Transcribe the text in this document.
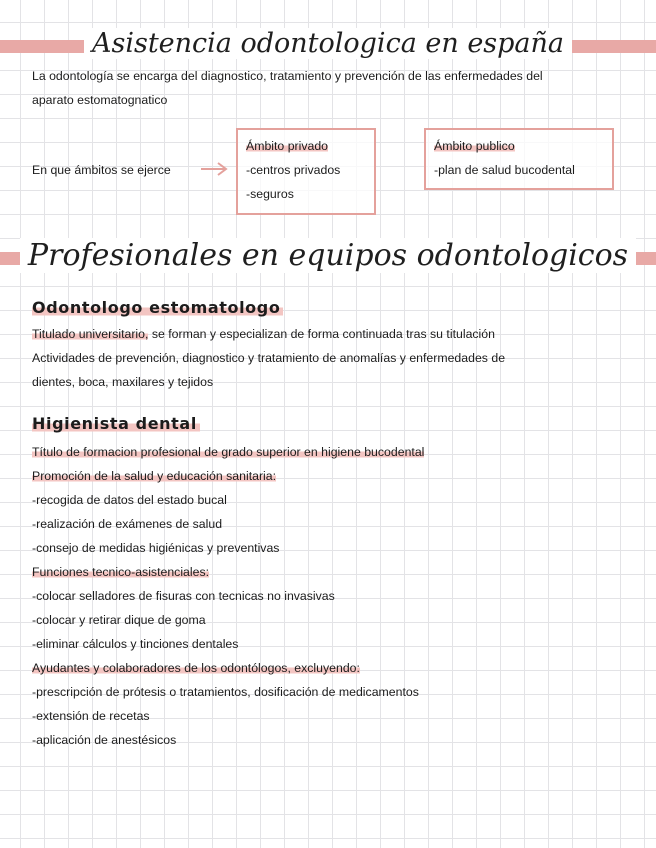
Asistencia odontologica en españa
La odontología se encarga del diagnostico, tratamiento y prevención de las enfermedades del
aparato estomatognatico
En que ámbitos se ejerce
Ámbito privado
-centros privados
-seguros
Ámbito publico
-plan de salud bucodental
Profesionales en equipos odontologicos
Odontologo estomatologo
Titulado universitario, se forman y especializan de forma continuada tras su titulación
Actividades de prevención, diagnostico y tratamiento de anomalías y enfermedades de
dientes, boca, maxilares y tejidos
Higienista dental
Título de formacion profesional de grado superior en higiene bucodental
Promoción de la salud y educación sanitaria:
-recogida de datos del estado bucal
-realización de exámenes de salud
-consejo de medidas higiénicas y preventivas
Funciones tecnico-asistenciales:
-colocar selladores de fisuras con tecnicas no invasivas
-colocar y retirar dique de goma
-eliminar cálculos y tinciones dentales
Ayudantes y colaboradores de los odontólogos, excluyendo:
-prescripción de prótesis o tratamientos, dosificación de medicamentos
-extensión de recetas
-aplicación de anestésicos
